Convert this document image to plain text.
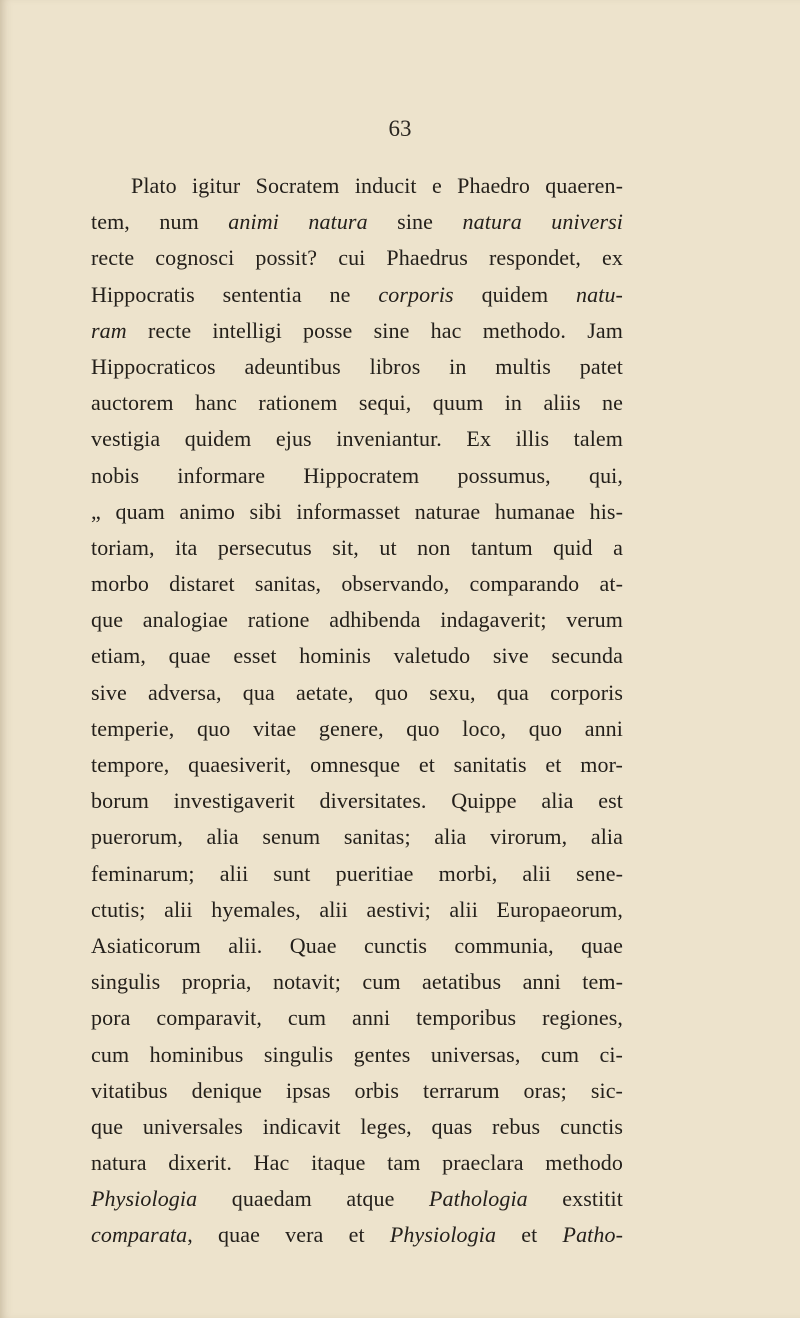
63
Plato igitur Socratem inducit e Phaedro quaeren-
tem, num animi natura sine natura universi
recte cognosci possit? cui Phaedrus respondet, ex
Hippocratis sententia ne corporis quidem natu-
ram recte intelligi posse sine hac methodo. Jam
Hippocraticos adeuntibus libros in multis patet
auctorem hanc rationem sequi, quum in aliis ne
vestigia quidem ejus inveniantur. Ex illis talem
nobis informare Hippocratem possumus, qui,
„ quam animo sibi informasset naturae humanae his-
toriam, ita persecutus sit, ut non tantum quid a
morbo distaret sanitas, observando, comparando at-
que analogiae ratione adhibenda indagaverit; verum
etiam, quae esset hominis valetudo sive secunda
sive adversa, qua aetate, quo sexu, qua corporis
temperie, quo vitae genere, quo loco, quo anni
tempore, quaesiverit, omnesque et sanitatis et mor-
borum investigaverit diversitates. Quippe alia est
puerorum, alia senum sanitas; alia virorum, alia
feminarum; alii sunt pueritiae morbi, alii sene-
ctutis; alii hyemales, alii aestivi; alii Europaeorum,
Asiaticorum alii. Quae cunctis communia, quae
singulis propria, notavit; cum aetatibus anni tem-
pora comparavit, cum anni temporibus regiones,
cum hominibus singulis gentes universas, cum ci-
vitatibus denique ipsas orbis terrarum oras; sic-
que universales indicavit leges, quas rebus cunctis
natura dixerit. Hac itaque tam praeclara methodo
Physiologia quaedam atque Pathologia exstitit
comparata, quae vera et Physiologia et Patho-
